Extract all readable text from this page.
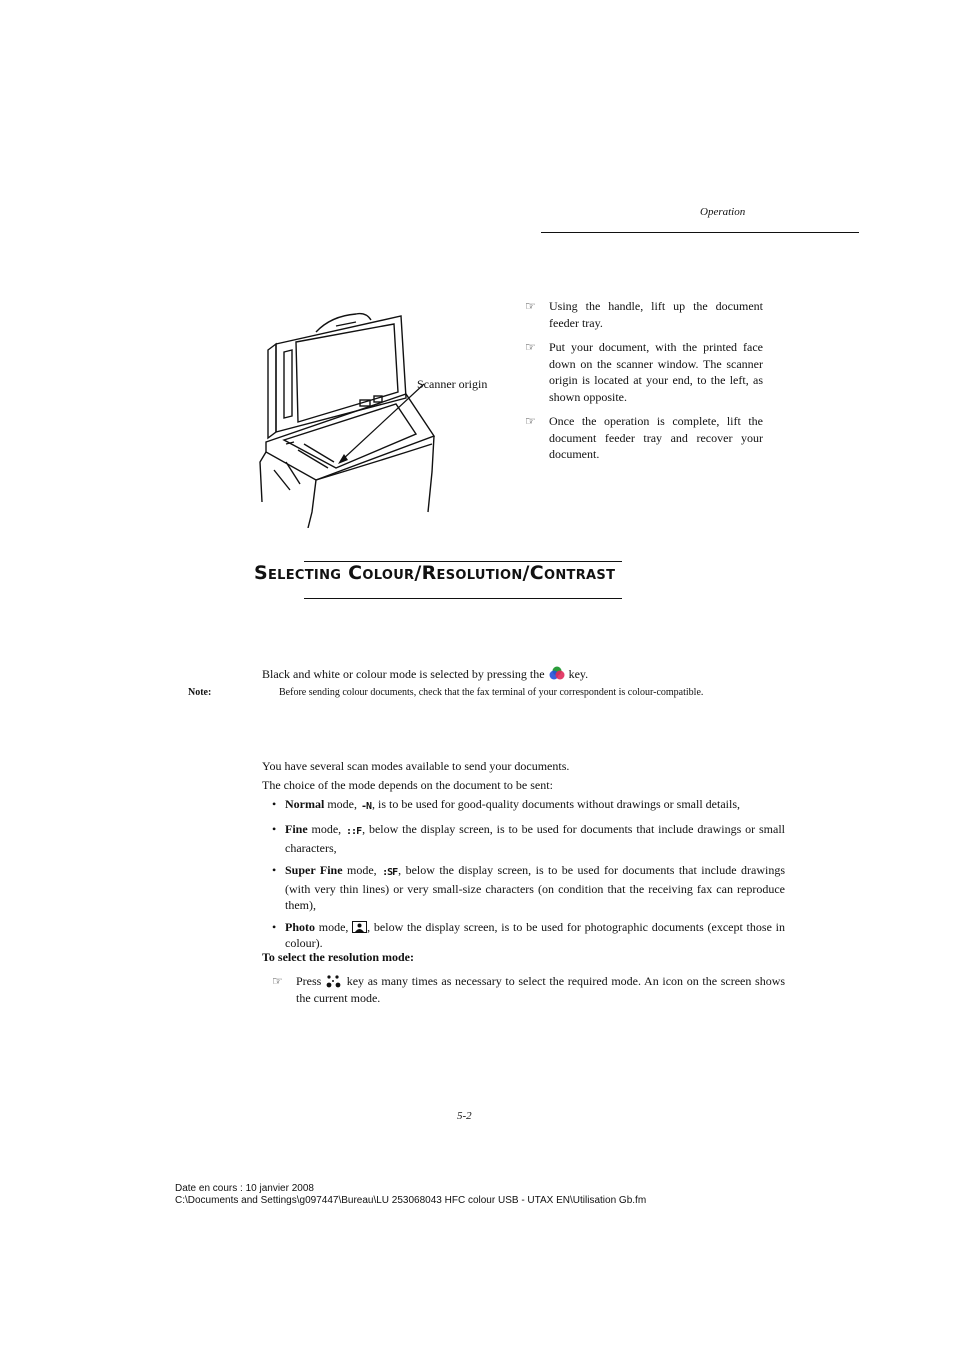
Operation
Scanner origin
☞	Using the handle, lift up the document feeder tray.
☞	Put your document, with the printed face down on the scanner window. The scanner origin is located at your end, to the left, as shown opposite.
☞	Once the operation is complete, lift the document feeder tray and recover your document.
Selecting Colour/Resolution/Contrast
Black and white or colour mode is selected by pressing the key.
Note:	Before sending colour documents, check that the fax terminal of your correspondent is colour-compatible.
You have several scan modes available to send your documents.
The choice of the mode depends on the document to be sent:
• Normal mode, -N, is to be used for good-quality documents without drawings or small details,
• Fine mode, ::F, below the display screen, is to be used for documents that include drawings or small characters,
• Super Fine mode, :SF, below the display screen, is to be used for documents that include drawings (with very thin lines) or very small-size characters (on condition that the receiving fax can reproduce them),
• Photo mode, , below the display screen, is to be used for photographic documents (except those in colour).
To select the resolution mode:
☞	Press key as many times as necessary to select the required mode. An icon on the screen shows the current mode.
5-2
Date en cours : 10 janvier 2008
C:\Documents and Settings\g097447\Bureau\LU 253068043 HFC colour USB - UTAX EN\Utilisation Gb.fm
